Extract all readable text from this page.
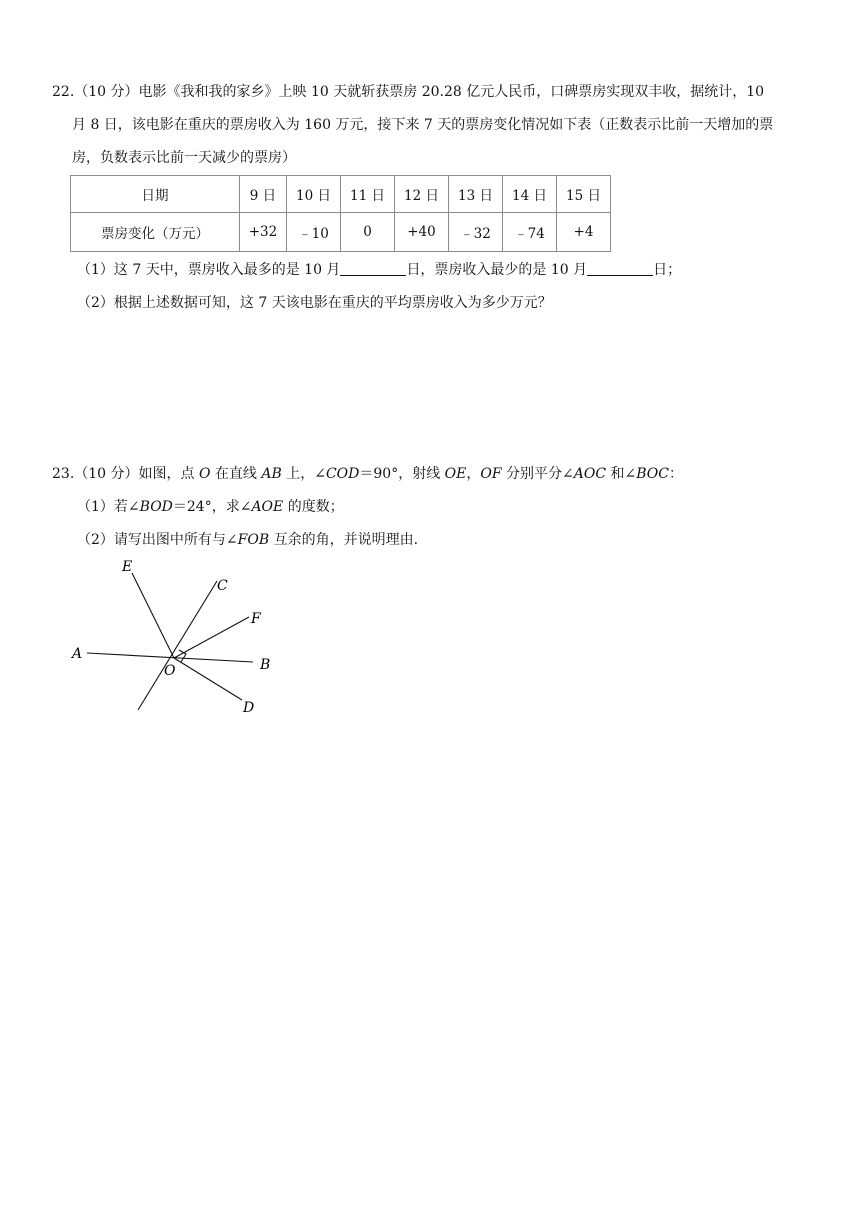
22.（10 分）电影《我和我的家乡》上映 10 天就斩获票房 20.28 亿元人民币，口碑票房实现双丰收，据统计，10
月 8 日，该电影在重庆的票房收入为 160 万元，接下来 7 天的票房变化情况如下表（正数表示比前一天增加的票
房，负数表示比前一天减少的票房）
日期	9 日	10 日	11 日	12 日	13 日	14 日	15 日
票房变化（万元）	+32	﹣10	0	+40	﹣32	﹣74	+4
（1）这 7 天中，票房收入最多的是 10 月	日，票房收入最少的是 10 月	日；
（2）根据上述数据可知，这 7 天该电影在重庆的平均票房收入为多少万元？
23.（10 分）如图，点 O 在直线 AB 上，∠COD＝90°，射线 OE，OF 分别平分∠AOC 和∠BOC：
（1）若∠BOD＝24°，求∠AOE 的度数；
（2）请写出图中所有与∠FOB 互余的角，并说明理由.
E
C
F
A
B
O
D
